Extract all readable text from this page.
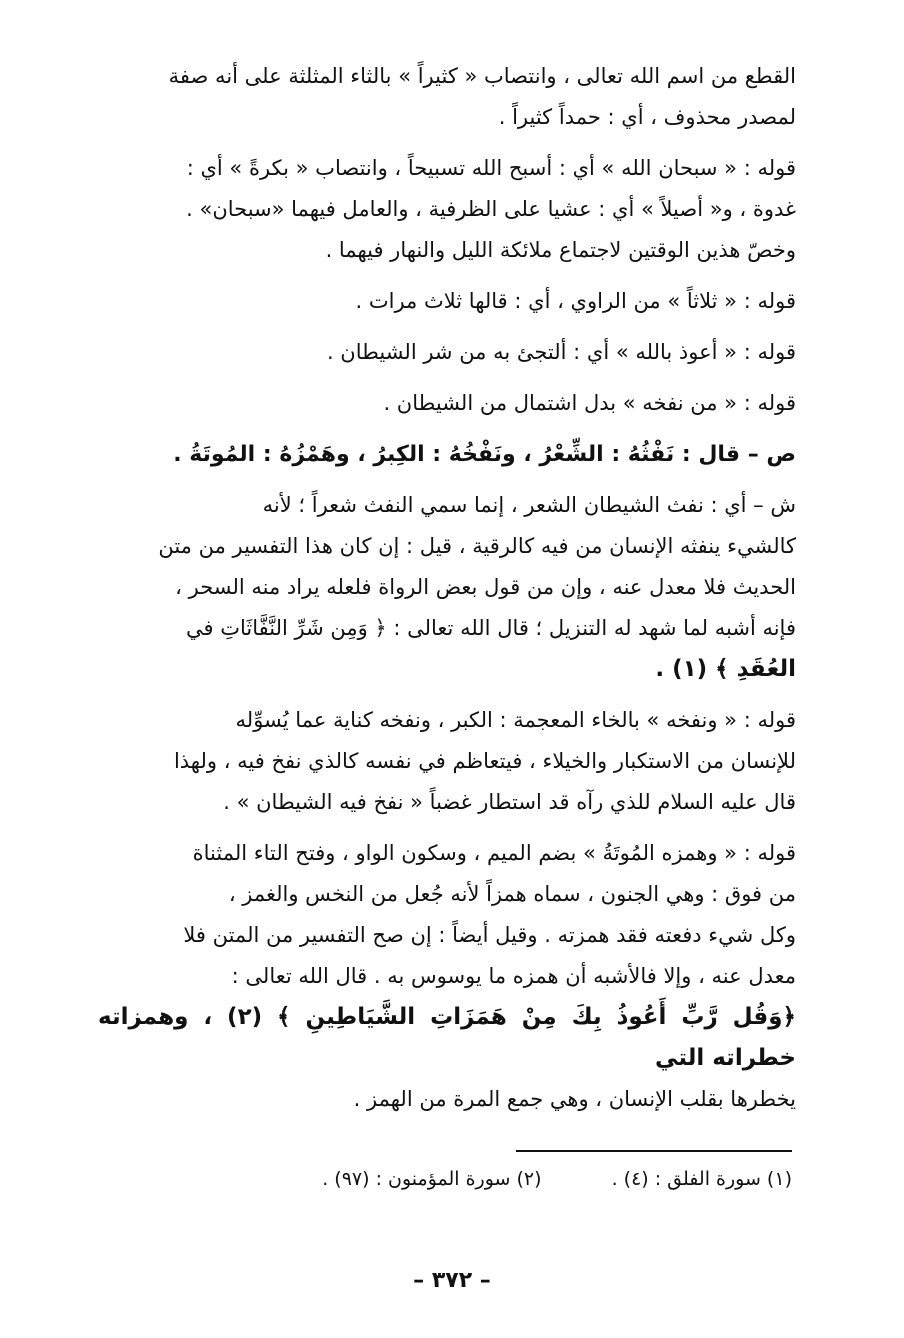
القطع من اسم الله تعالى ، وانتصاب « كثيراً » بالثاء المثلثة على أنه صفة
لمصدر محذوف ، أي : حمداً كثيراً .

قوله : « سبحان الله » أي : أسبح الله تسبيحاً ، وانتصاب « بكرةً » أي :
غدوة ، و« أصيلاً » أي : عشيا على الظرفية ، والعامل فيهما «سبحان» .
وخصّ هذين الوقتين لاجتماع ملائكة الليل والنهار فيهما .

قوله : « ثلاثاً » من الراوي ، أي : قالها ثلاث مرات .

قوله : « أعوذ بالله » أي : ألتجئ به من شر الشيطان .

قوله : « من نفخه » بدل اشتمال من الشيطان .

ص – قال : نَفْثُهُ : الشِّعْرُ ، ونَفْخُهُ : الكِبرُ ، وهَمْزُهُ : المُوتَةُ .

ش – أي : نفث الشيطان الشعر ، إنما سمي النفث شعراً ؛ لأنه
كالشيء ينفثه الإنسان من فيه كالرقية ، قيل : إن كان هذا التفسير من متن
الحديث فلا معدل عنه ، وإن من قول بعض الرواة فلعله يراد منه السحر ،
فإنه أشبه لما شهد له التنزيل ؛ قال الله تعالى : ﴿ وَمِن شَرِّ النَّفَّاثَاتِ في
العُقَدِ ﴾ (١) .

قوله : « ونفخه » بالخاء المعجمة : الكبر ، ونفخه كناية عما يُسوِّله
للإنسان من الاستكبار والخيلاء ، فيتعاظم في نفسه كالذي نفخ فيه ، ولهذا
قال عليه السلام للذي رآه قد استطار غضباً « نفخ فيه الشيطان » .

قوله : « وهمزه المُوتَةُ » بضم الميم ، وسكون الواو ، وفتح التاء المثناة
من فوق : وهي الجنون ، سماه همزاً لأنه جُعل من النخس والغمز ،
وكل شيء دفعته فقد همزته . وقيل أيضاً : إن صح التفسير من المتن فلا
معدل عنه ، وإلا فالأشبه أن همزه ما يوسوس به . قال الله تعالى :
﴿وَقُل رَّبِّ أَعُوذُ بِكَ مِنْ هَمَزَاتِ الشَّيَاطِينِ ﴾ (٢) ، وهمزاته خطراته التي
يخطرها بقلب الإنسان ، وهي جمع المرة من الهمز .

(١) سورة الفلق : (٤) .
(٢) سورة المؤمنون : (٩٧) .
– ٣٧٢ –
